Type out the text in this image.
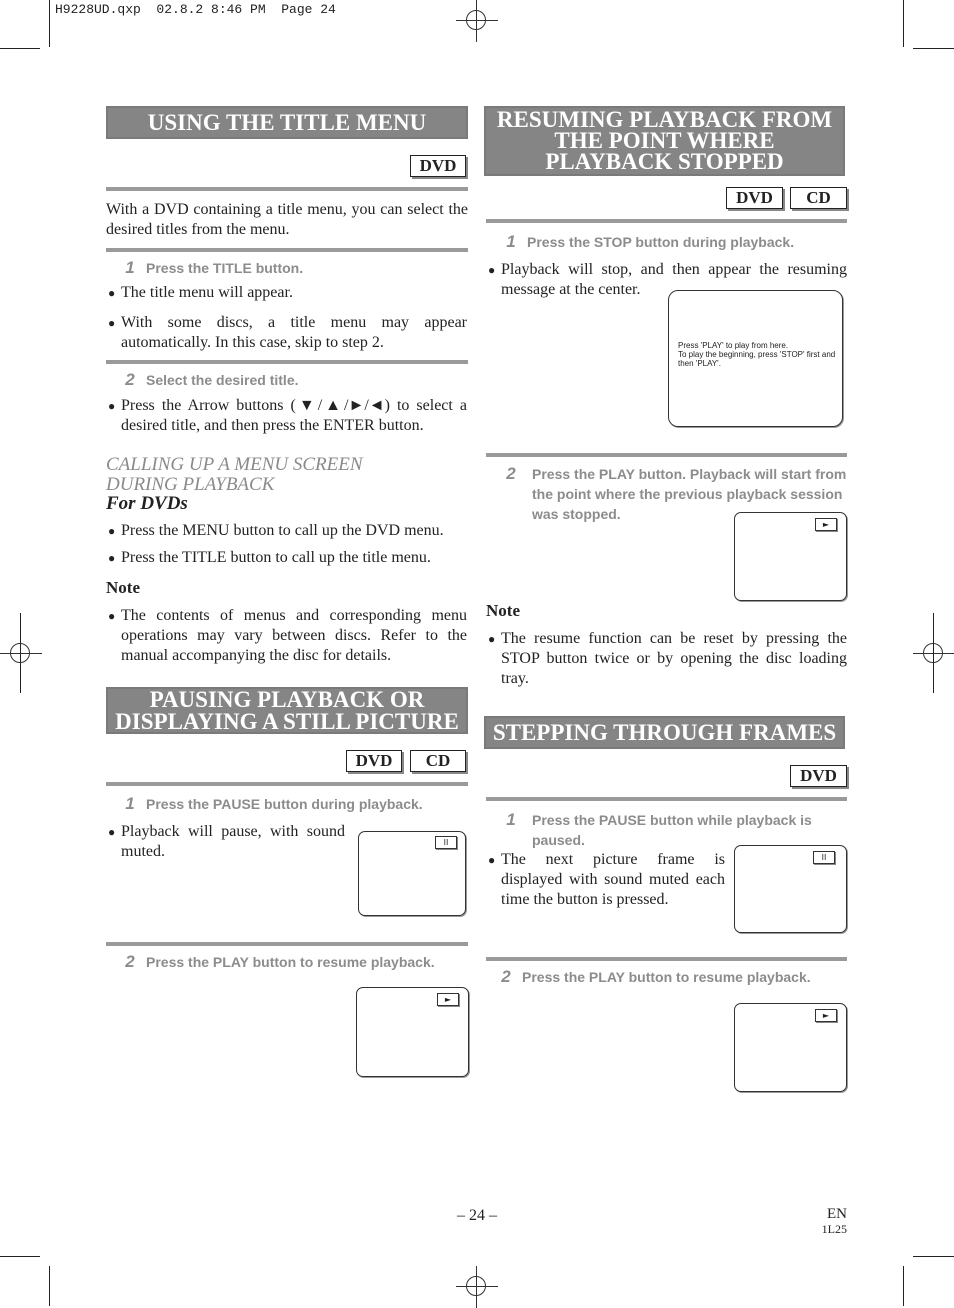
H9228UD.qxp  02.8.2 8:46 PM  Page 24
USING THE TITLE MENU
DVD
With a DVD containing a title menu, you can select the desired titles from the menu.
1 Press the TITLE button.
● The title menu will appear.
● With some discs, a title menu may appear automatically. In this case, skip to step 2.
2 Select the desired title.
● Press the Arrow buttons (▼/▲/►/◄) to select a desired title, and then press the ENTER button.
CALLING UP A MENU SCREEN
DURING PLAYBACK
For DVDs
● Press the MENU button to call up the DVD menu.
● Press the TITLE button to call up the title menu.
Note
● The contents of menus and corresponding menu operations may vary between discs. Refer to the manual accompanying the disc for details.
PAUSING PLAYBACK OR
DISPLAYING A STILL PICTURE
DVD	CD
1 Press the PAUSE button during playback.
● Playback will pause, with sound muted.
II
2 Press the PLAY button to resume playback.
►
RESUMING PLAYBACK FROM
THE POINT WHERE
PLAYBACK STOPPED
DVD	CD
1 Press the STOP button during playback.
● Playback will stop, and then appear the resuming message at the center.
Press 'PLAY' to play from here.
To play the beginning, press 'STOP' first and then 'PLAY'.
2 Press the PLAY button. Playback will start from the point where the previous playback session was stopped.
►
Note
● The resume function can be reset by pressing the STOP button twice or by opening the disc loading tray.
STEPPING THROUGH FRAMES
DVD
1 Press the PAUSE button while playback is paused.
● The next picture frame is displayed with sound muted each time the button is pressed.
II
2 Press the PLAY button to resume playback.
►
– 24 –	EN
1L25
